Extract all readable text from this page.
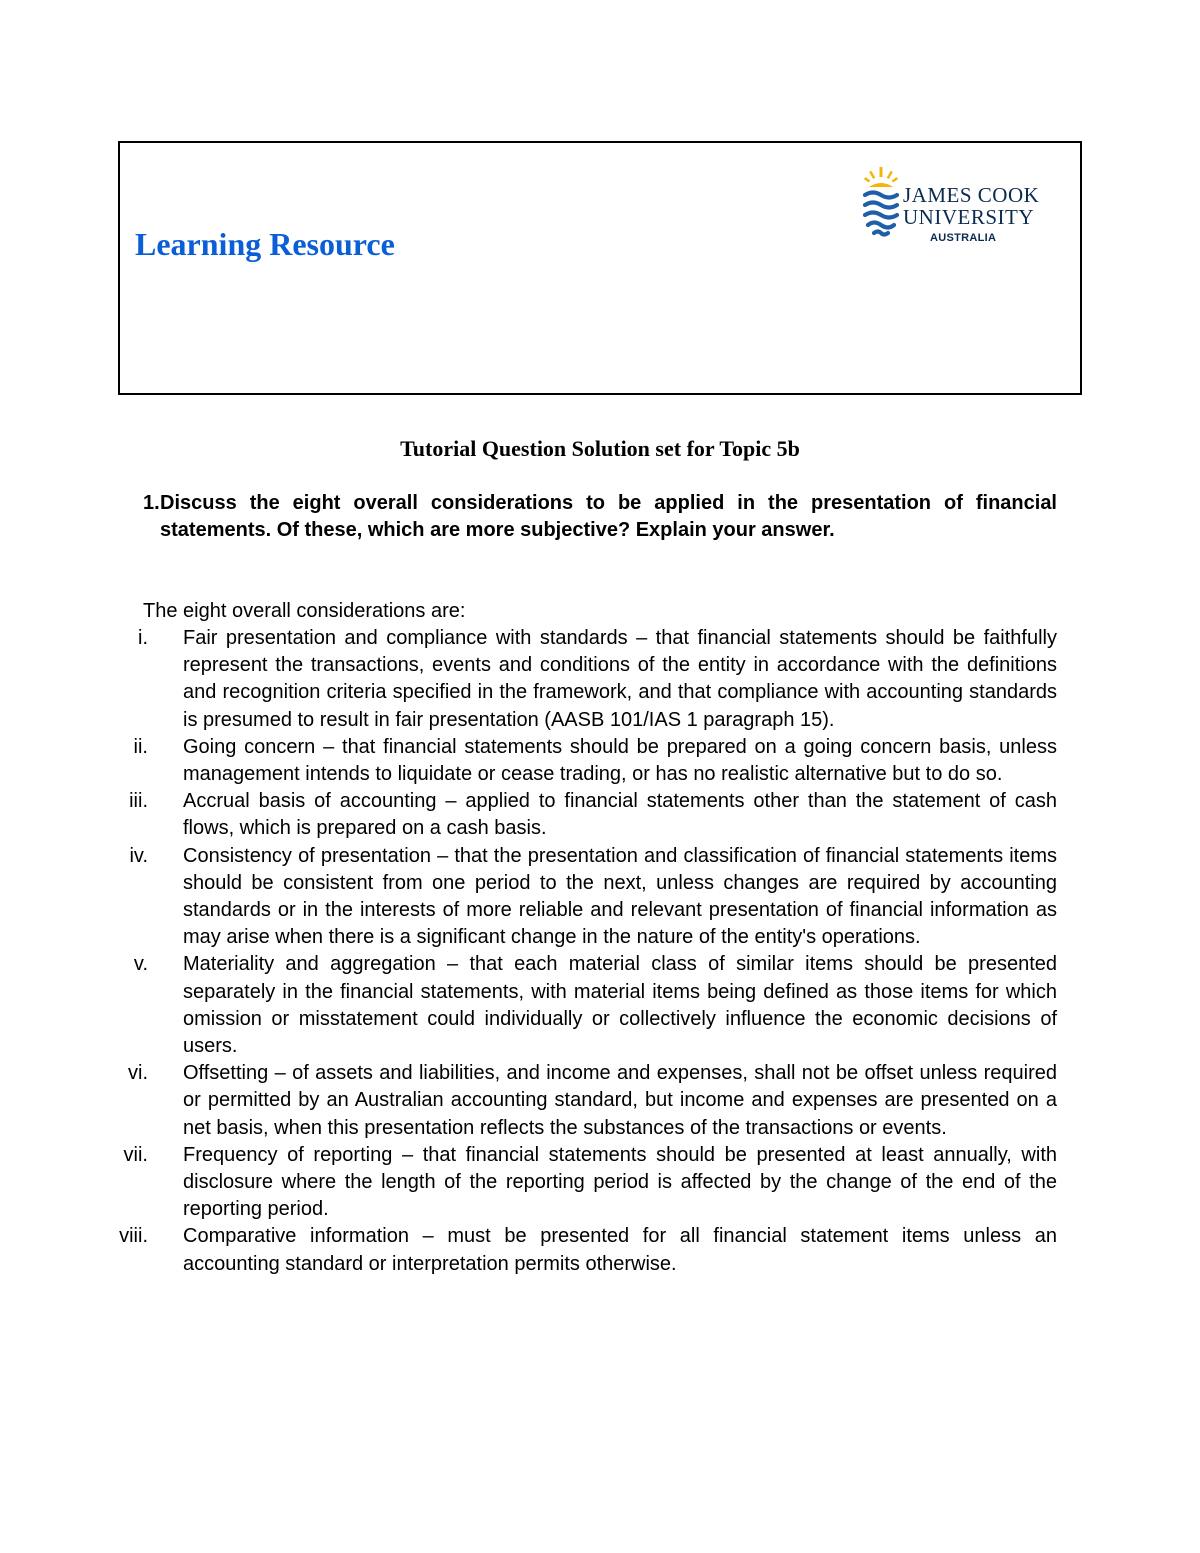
Learning Resource
JAMES COOK
UNIVERSITY
AUSTRALIA
Tutorial Question Solution set for Topic 5b
1. Discuss the eight overall considerations to be applied in the presentation of financial statements. Of these, which are more subjective? Explain your answer.
The eight overall considerations are:
i. Fair presentation and compliance with standards – that financial statements should be faithfully represent the transactions, events and conditions of the entity in accordance with the definitions and recognition criteria specified in the framework, and that compliance with accounting standards is presumed to result in fair presentation (AASB 101/IAS 1 paragraph 15).
ii. Going concern – that financial statements should be prepared on a going concern basis, unless management intends to liquidate or cease trading, or has no realistic alternative but to do so.
iii. Accrual basis of accounting – applied to financial statements other than the statement of cash flows, which is prepared on a cash basis.
iv. Consistency of presentation – that the presentation and classification of financial statements items should be consistent from one period to the next, unless changes are required by accounting standards or in the interests of more reliable and relevant presentation of financial information as may arise when there is a significant change in the nature of the entity's operations.
v. Materiality and aggregation – that each material class of similar items should be presented separately in the financial statements, with material items being defined as those items for which omission or misstatement could individually or collectively influence the economic decisions of users.
vi. Offsetting – of assets and liabilities, and income and expenses, shall not be offset unless required or permitted by an Australian accounting standard, but income and expenses are presented on a net basis, when this presentation reflects the substances of the transactions or events.
vii. Frequency of reporting – that financial statements should be presented at least annually, with disclosure where the length of the reporting period is affected by the change of the end of the reporting period.
viii. Comparative information – must be presented for all financial statement items unless an accounting standard or interpretation permits otherwise.
